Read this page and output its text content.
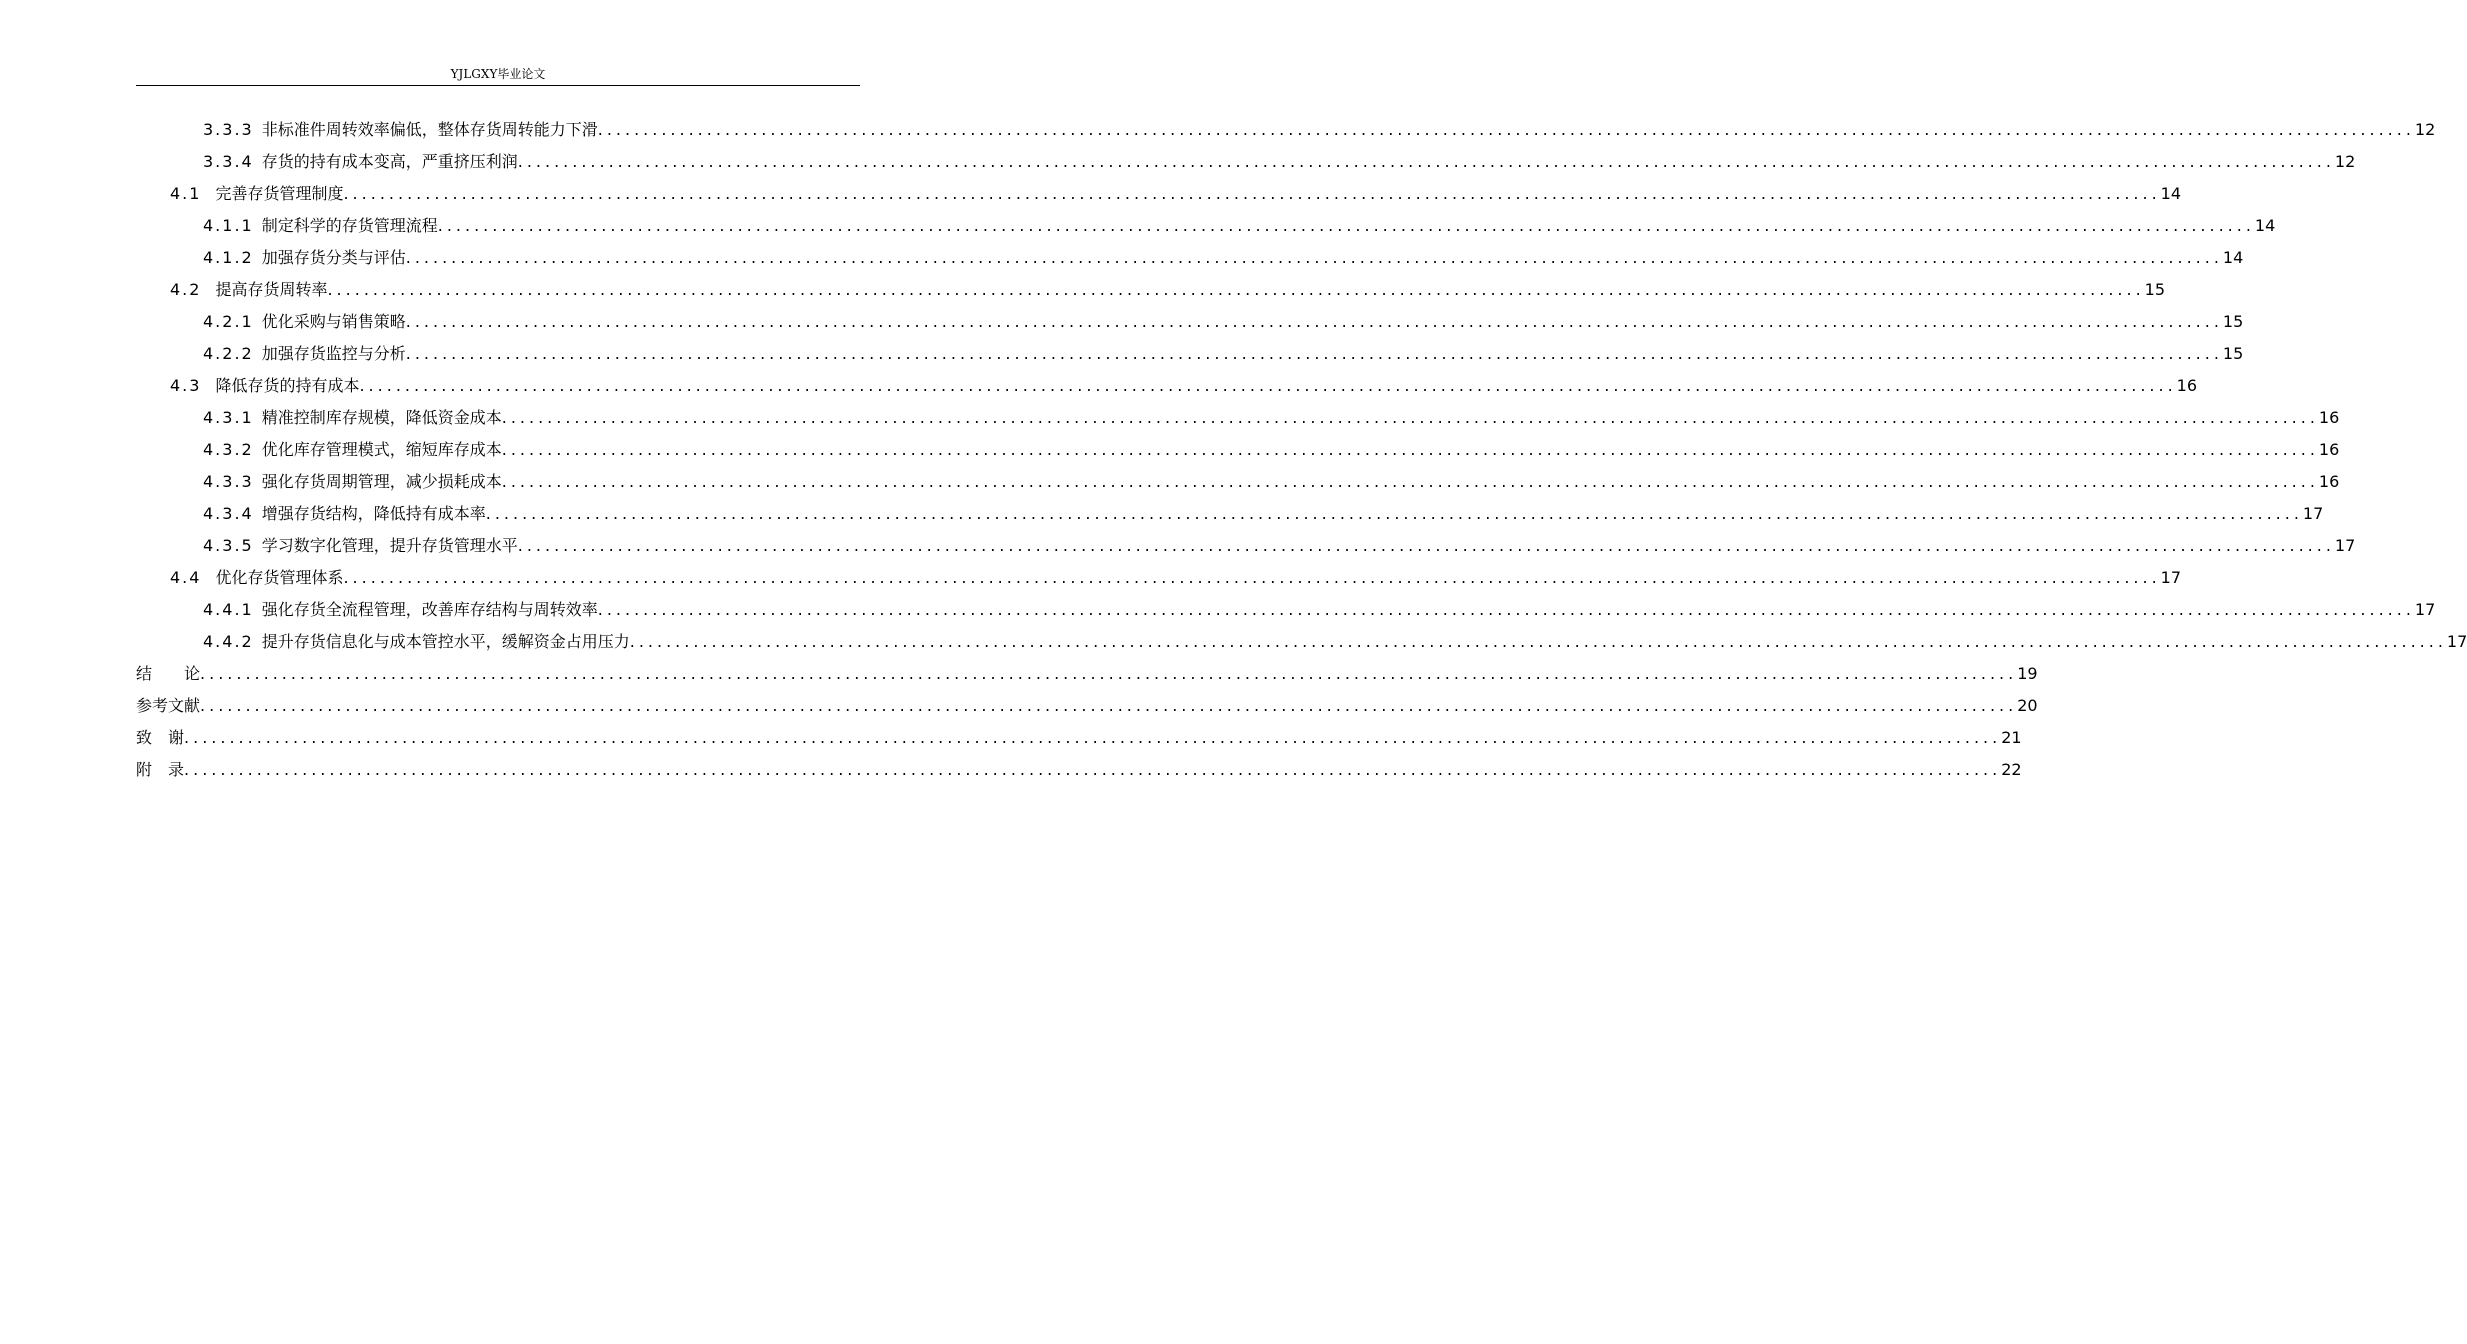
YJLGXY毕业论文
3.3.3 非标准件周转效率偏低，整体存货周转能力下滑 ........................................................................................................................................................................................................ 12
3.3.4 存货的持有成本变高，严重挤压利润 ........................................................................................................................................................................................................ 12
4.1 完善存货管理制度 ........................................................................................................................................................................................................ 14
4.1.1 制定科学的存货管理流程 ........................................................................................................................................................................................................ 14
4.1.2 加强存货分类与评估 ........................................................................................................................................................................................................ 14
4.2 提高存货周转率 ........................................................................................................................................................................................................ 15
4.2.1 优化采购与销售策略 ........................................................................................................................................................................................................ 15
4.2.2 加强存货监控与分析 ........................................................................................................................................................................................................ 15
4.3 降低存货的持有成本 ........................................................................................................................................................................................................ 16
4.3.1 精准控制库存规模，降低资金成本 ........................................................................................................................................................................................................ 16
4.3.2 优化库存管理模式，缩短库存成本 ........................................................................................................................................................................................................ 16
4.3.3 强化存货周期管理，减少损耗成本 ........................................................................................................................................................................................................ 16
4.3.4 增强存货结构，降低持有成本率 ........................................................................................................................................................................................................ 17
4.3.5 学习数字化管理，提升存货管理水平 ........................................................................................................................................................................................................ 17
4.4 优化存货管理体系 ........................................................................................................................................................................................................ 17
4.4.1 强化存货全流程管理，改善库存结构与周转效率 ........................................................................................................................................................................................................ 17
4.4.2 提升存货信息化与成本管控水平，缓解资金占用压力 ........................................................................................................................................................................................................ 17
结　　论 ........................................................................................................................................................................................................ 19
参考文献 ........................................................................................................................................................................................................ 20
致　谢 ........................................................................................................................................................................................................ 21
附　录 ........................................................................................................................................................................................................ 22
